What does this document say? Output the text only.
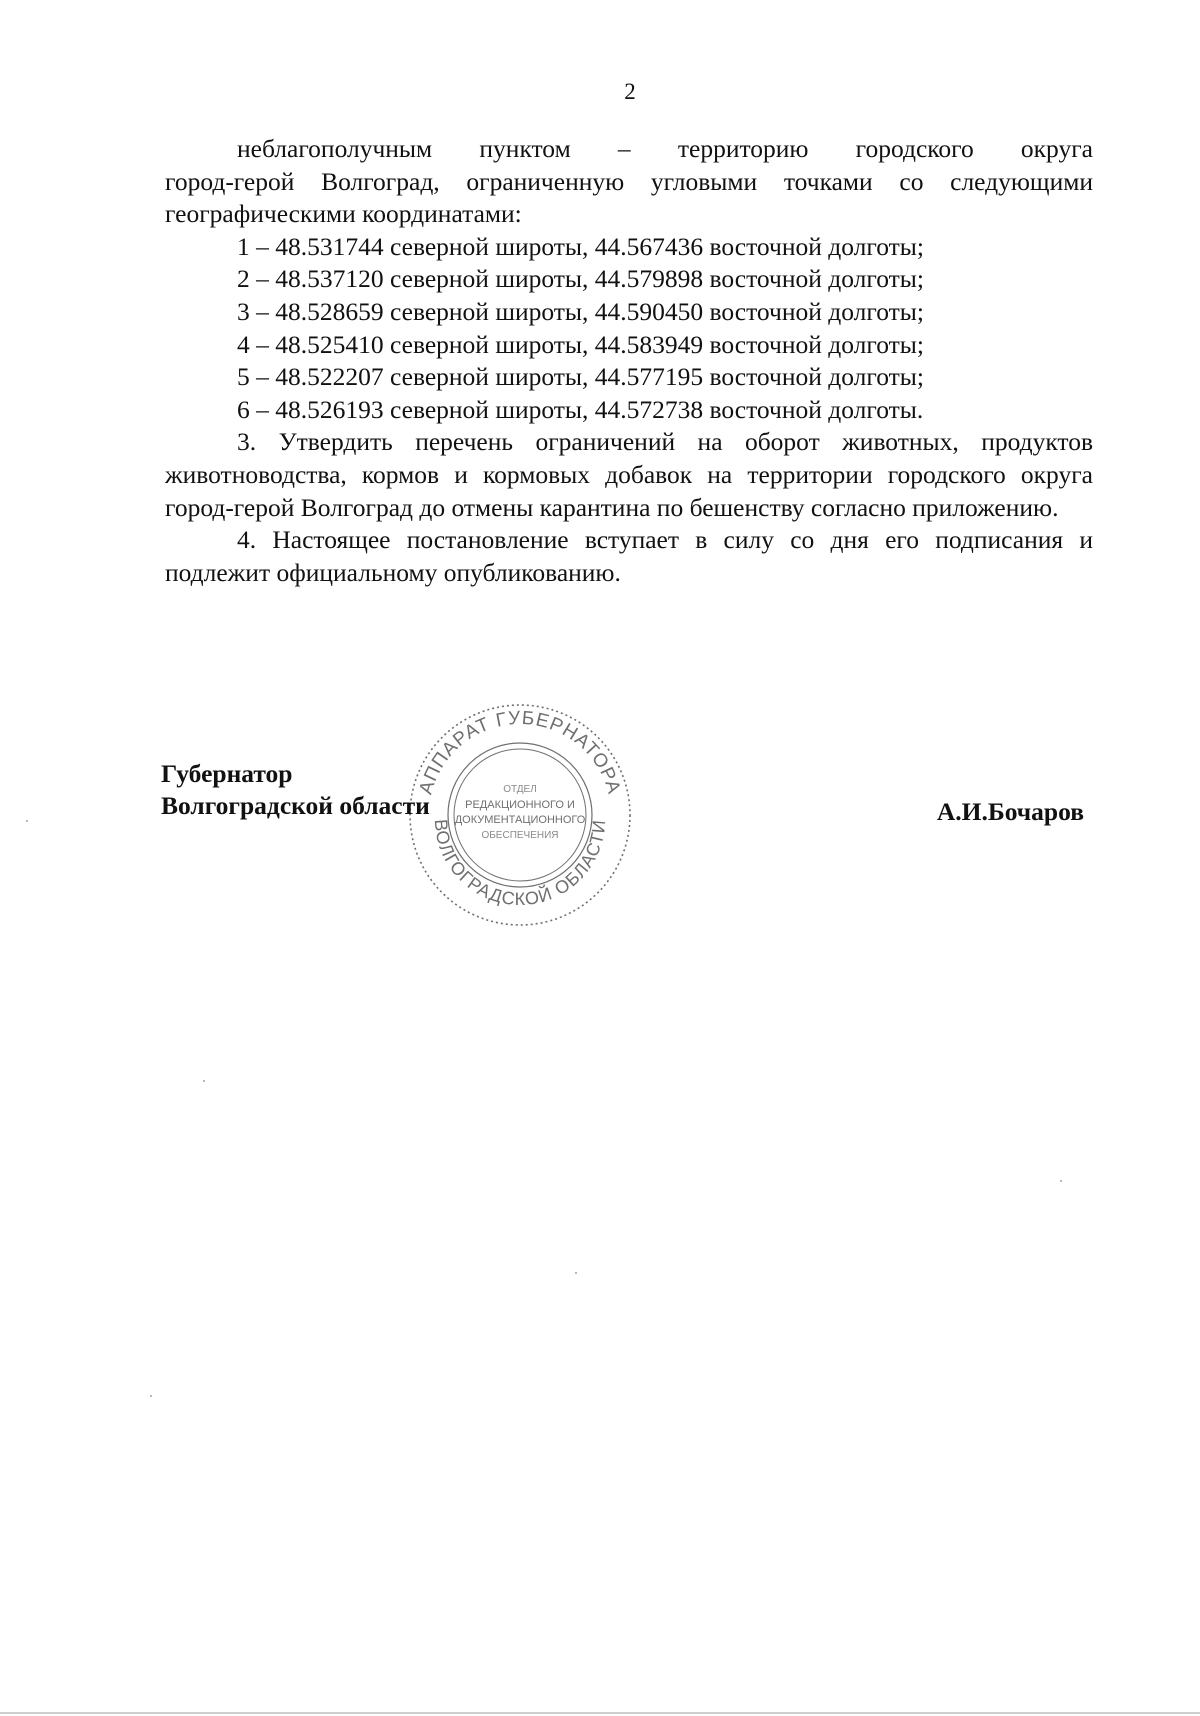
2

неблагополучным пунктом – территорию городского округа

город-герой Волгоград, ограниченную угловыми точками со следующими

географическими координатами:

1 – 48.531744 северной широты, 44.567436 восточной долготы;

2 – 48.537120 северной широты, 44.579898 восточной долготы;

3 – 48.528659 северной широты, 44.590450 восточной долготы;

4 – 48.525410 северной широты, 44.583949 восточной долготы;

5 – 48.522207 северной широты, 44.577195 восточной долготы;

6 – 48.526193 северной широты, 44.572738 восточной долготы.

3. Утвердить перечень ограничений на оборот животных, продуктов животноводства, кормов и кормовых добавок на территории городского округа город-герой Волгоград до отмены карантина по бешенству согласно приложению.

4. Настоящее постановление вступает в силу со дня его подписания и подлежит официальному опубликованию.

АППАРАТ ГУБЕРНАТОРА
ВОЛГОГРАДСКОЙ ОБЛАСТИ
ОТДЕЛ
РЕДАКЦИОННОГО И
ДОКУМЕНТАЦИОННОГО
ОБЕСПЕЧЕНИЯ
Губернатор
Волгоградской области	А.И.Бочаров
